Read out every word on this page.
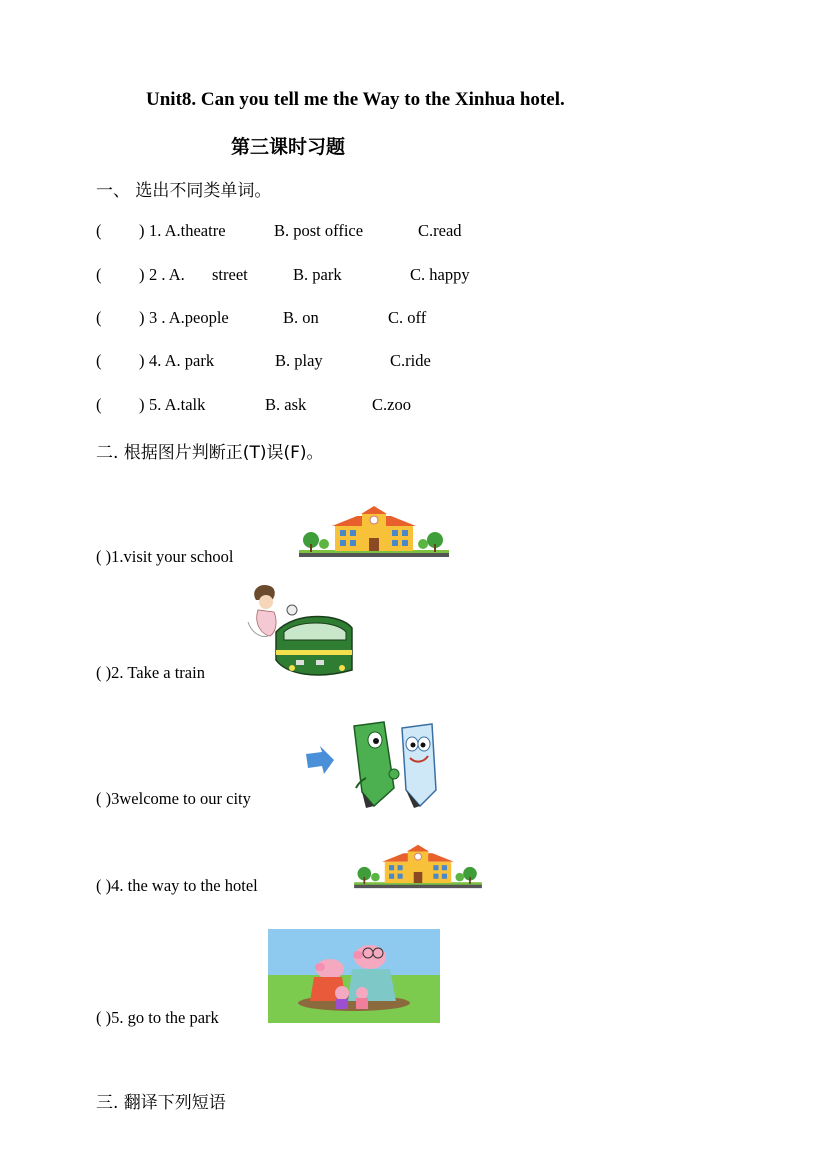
Unit8. Can you tell me the Way to the Xinhua hotel.
第三课时习题
一、 选出不同类单词。
( ) 1. A.theatre	B. post office	C.read
( ) 2 . A. street	B. park	C. happy
( ) 3 . A.people	B. on	C. off
( ) 4. A. park	B. play	C.ride
( ) 5. A.talk	B. ask	C.zoo
二. 根据图片判断正(T)误(F)。
( )1.visit your school
( )2. Take a train
( )3welcome to our city
( )4. the way to the hotel
( )5. go to the park
三. 翻译下列短语
